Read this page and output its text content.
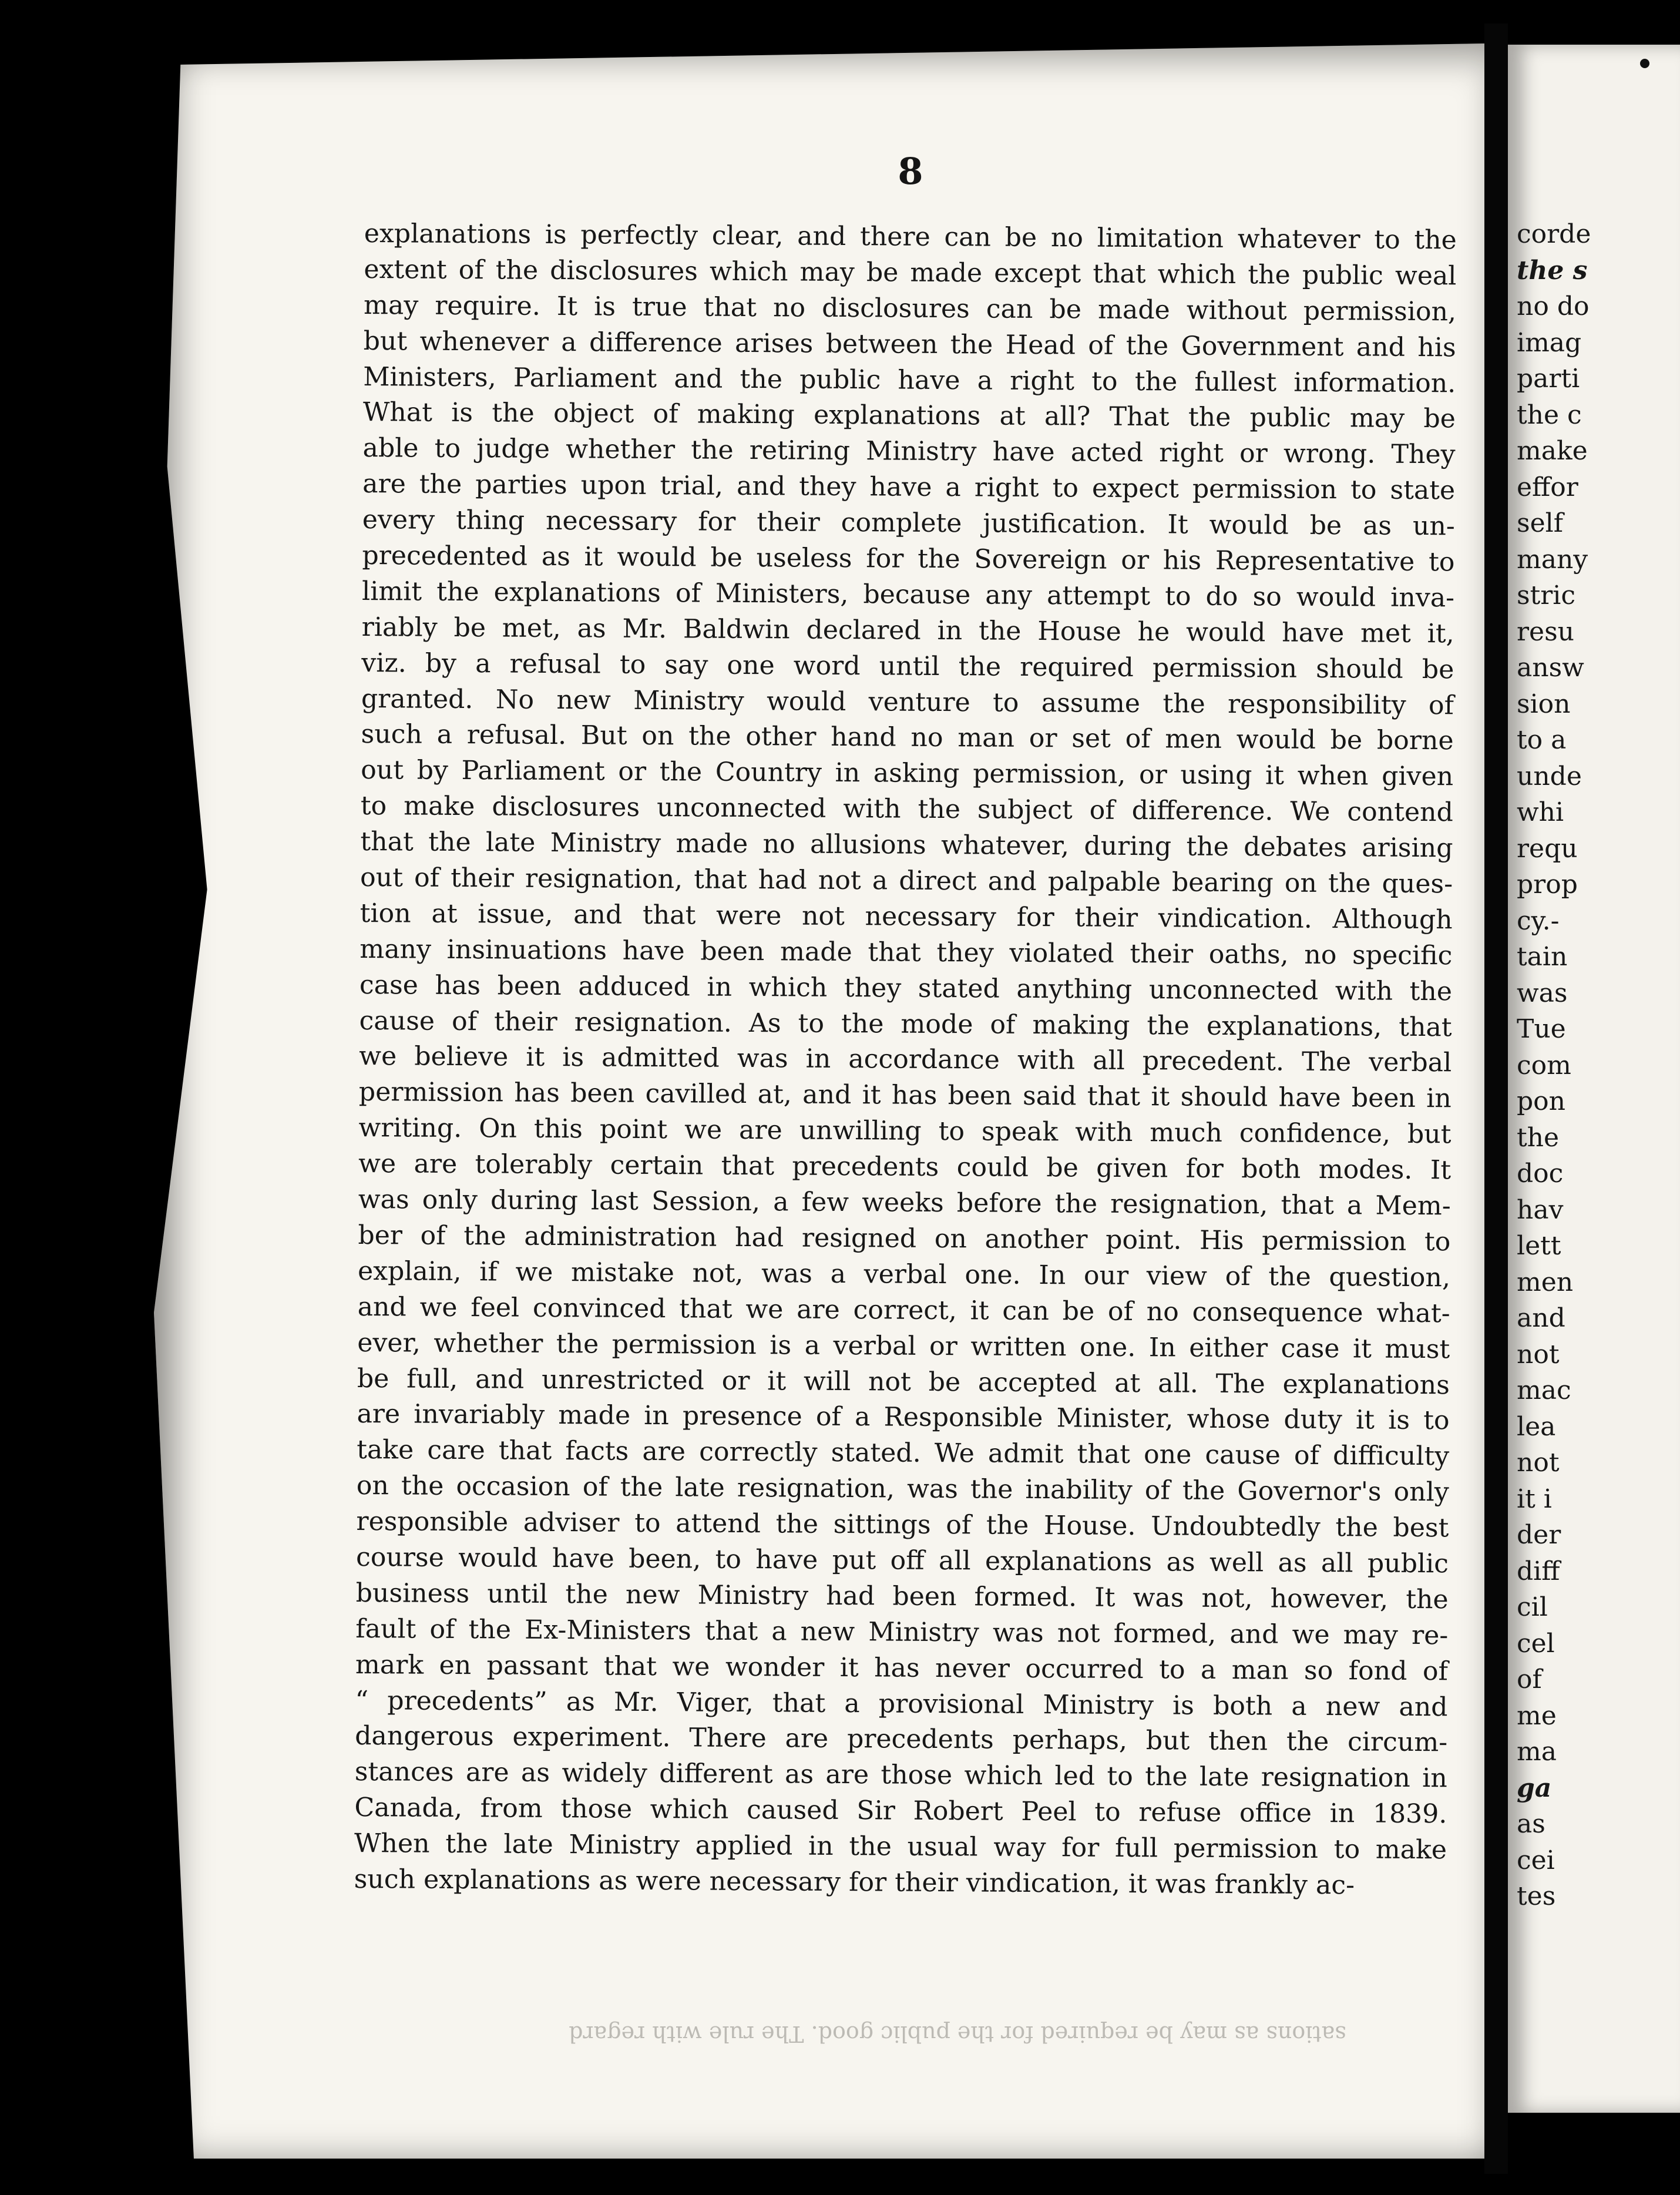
8
explanations is perfectly clear, and there can be no limitation whatever to the
extent of the disclosures which may be made except that which the public weal
may require. It is true that no disclosures can be made without permission,
but whenever a difference arises between the Head of the Government and his
Ministers, Parliament and the public have a right to the fullest information.
What is the object of making explanations at all? That the public may be
able to judge whether the retiring Ministry have acted right or wrong. They
are the parties upon trial, and they have a right to expect permission to state
every thing necessary for their complete justification. It would be as un-
precedented as it would be useless for the Sovereign or his Representative to
limit the explanations of Ministers, because any attempt to do so would inva-
riably be met, as Mr. Baldwin declared in the House he would have met it,
viz. by a refusal to say one word until the required permission should be
granted. No new Ministry would venture to assume the responsibility of
such a refusal. But on the other hand no man or set of men would be borne
out by Parliament or the Country in asking permission, or using it when given
to make disclosures unconnected with the subject of difference. We contend
that the late Ministry made no allusions whatever, during the debates arising
out of their resignation, that had not a direct and palpable bearing on the ques-
tion at issue, and that were not necessary for their vindication. Although
many insinuations have been made that they violated their oaths, no specific
case has been adduced in which they stated anything unconnected with the
cause of their resignation. As to the mode of making the explanations, that
we believe it is admitted was in accordance with all precedent. The verbal
permission has been cavilled at, and it has been said that it should have been in
writing. On this point we are unwilling to speak with much confidence, but
we are tolerably certain that precedents could be given for both modes. It
was only during last Session, a few weeks before the resignation, that a Mem-
ber of the administration had resigned on another point. His permission to
explain, if we mistake not, was a verbal one. In our view of the question,
and we feel convinced that we are correct, it can be of no consequence what-
ever, whether the permission is a verbal or written one. In either case it must
be full, and unrestricted or it will not be accepted at all. The explanations
are invariably made in presence of a Responsible Minister, whose duty it is to
take care that facts are correctly stated. We admit that one cause of difficulty
on the occasion of the late resignation, was the inability of the Governor's only
responsible adviser to attend the sittings of the House. Undoubtedly the best
course would have been, to have put off all explanations as well as all public
business until the new Ministry had been formed. It was not, however, the
fault of the Ex-Ministers that a new Ministry was not formed, and we may re-
mark en passant that we wonder it has never occurred to a man so fond of
“ precedents” as Mr. Viger, that a provisional Ministry is both a new and
dangerous experiment. There are precedents perhaps, but then the circum-
stances are as widely different as are those which led to the late resignation in
Canada, from those which caused Sir Robert Peel to refuse office in 1839.
When the late Ministry applied in the usual way for full permission to make
such explanations as were necessary for their vindication, it was frankly ac-
sations as may be required for the public good. The rule with regard
corde
the s
no do
imag
parti
the c
make
effor
self
many
stric
resu
answ
sion
to a
unde
whi
requ
prop
cy.-
tain
was
Tue
com
pon
the
doc
hav
lett
men
and
not
mac
lea
not
it i
der
diff
cil
cel
of
me
ma
ga
as
cei
tes
